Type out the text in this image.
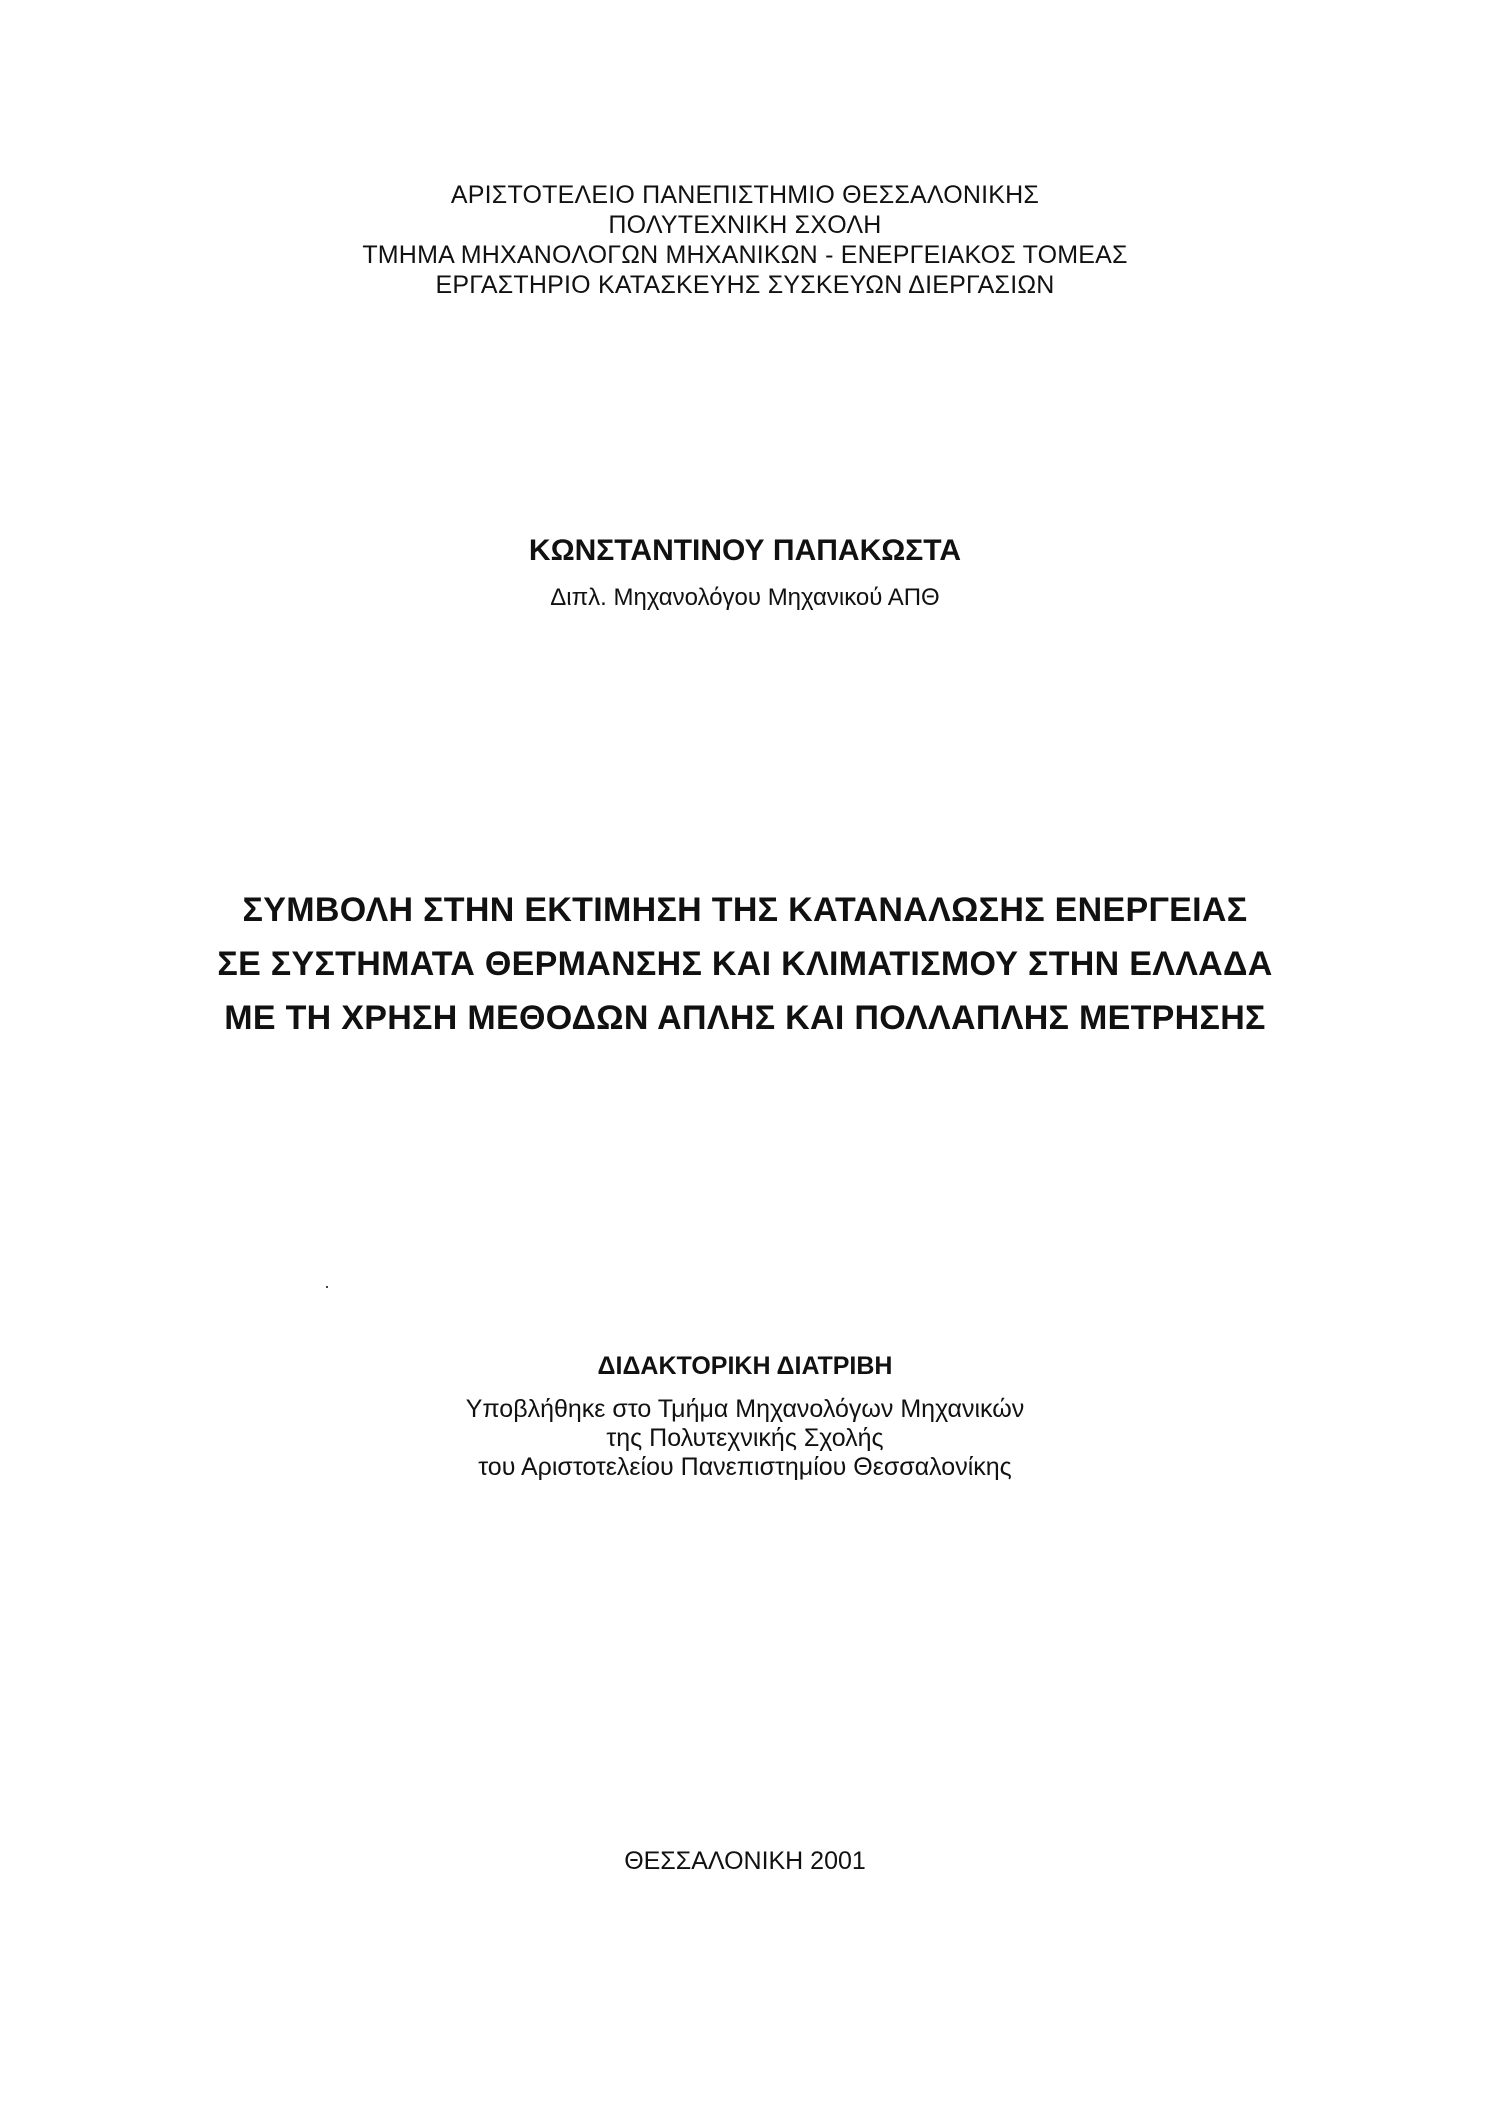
ΑΡΙΣΤΟΤΕΛΕΙΟ ΠΑΝΕΠΙΣΤΗΜΙΟ ΘΕΣΣΑΛΟΝΙΚΗΣ
ΠΟΛΥΤΕΧΝΙΚΗ ΣΧΟΛΗ
ΤΜΗΜΑ ΜΗΧΑΝΟΛΟΓΩΝ ΜΗΧΑΝΙΚΩΝ - ΕΝΕΡΓΕΙΑΚΟΣ ΤΟΜΕΑΣ
ΕΡΓΑΣΤΗΡΙΟ ΚΑΤΑΣΚΕΥΗΣ ΣΥΣΚΕΥΩΝ ΔΙΕΡΓΑΣΙΩΝ
ΚΩΝΣΤΑΝΤΙΝΟΥ ΠΑΠΑΚΩΣΤΑ
Διπλ. Μηχανολόγου Μηχανικού ΑΠΘ
ΣΥΜΒΟΛΗ ΣΤΗΝ ΕΚΤΙΜΗΣΗ ΤΗΣ ΚΑΤΑΝΑΛΩΣΗΣ ΕΝΕΡΓΕΙΑΣ
ΣΕ ΣΥΣΤΗΜΑΤΑ ΘΕΡΜΑΝΣΗΣ ΚΑΙ ΚΛΙΜΑΤΙΣΜΟΥ ΣΤΗΝ ΕΛΛΑΔΑ
ΜΕ ΤΗ ΧΡΗΣΗ ΜΕΘΟΔΩΝ ΑΠΛΗΣ ΚΑΙ ΠΟΛΛΑΠΛΗΣ ΜΕΤΡΗΣΗΣ
ΔΙΔΑΚΤΟΡΙΚΗ ΔΙΑΤΡΙΒΗ
Υποβλήθηκε στο Τμήμα Μηχανολόγων Μηχανικών
της Πολυτεχνικής Σχολής
του Αριστοτελείου Πανεπιστημίου Θεσσαλονίκης
ΘΕΣΣΑΛΟΝΙΚΗ 2001
